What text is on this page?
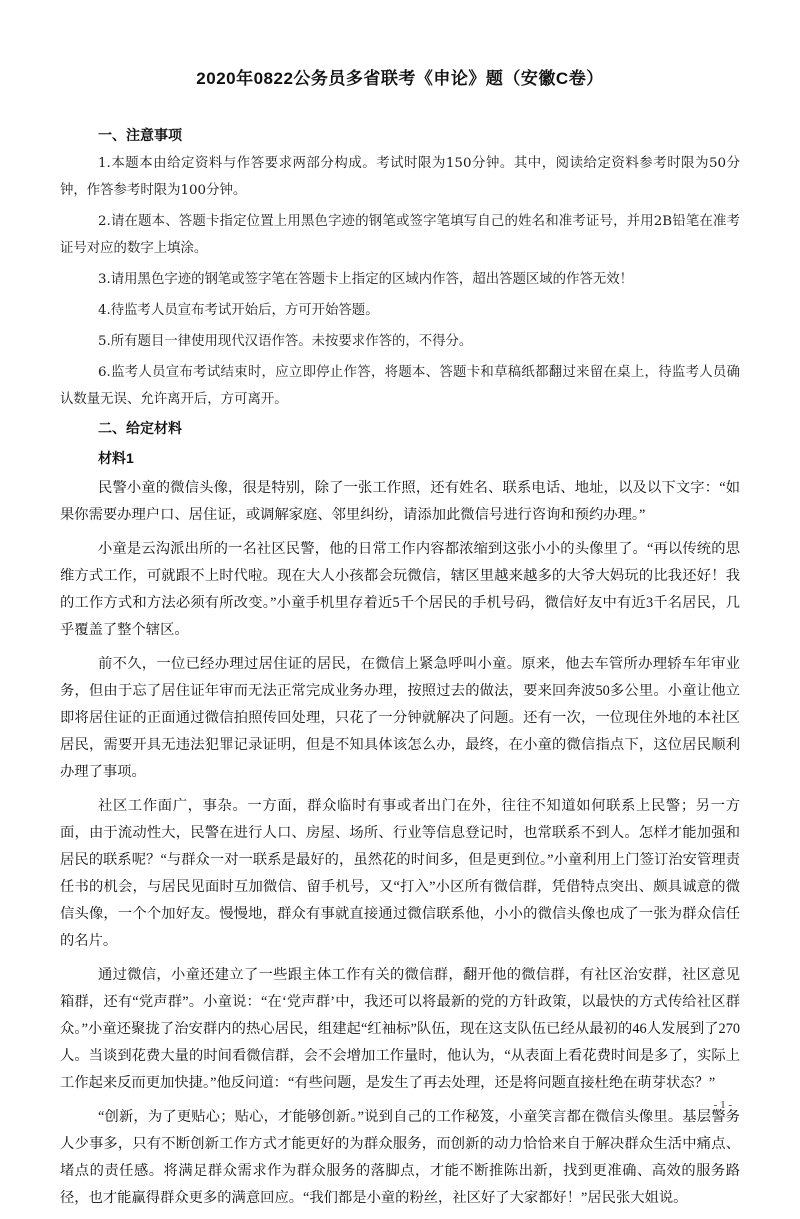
2020年0822公务员多省联考《申论》题（安徽C卷）
一、注意事项

1.本题本由给定资料与作答要求两部分构成。考试时限为150分钟。其中，阅读给定资料参考时限为50分钟，作答参考时限为100分钟。

2.请在题本、答题卡指定位置上用黑色字迹的钢笔或签字笔填写自己的姓名和准考证号，并用2B铅笔在准考证号对应的数字上填涂。

3.请用黑色字迹的钢笔或签字笔在答题卡上指定的区域内作答，超出答题区域的作答无效！

4.待监考人员宣布考试开始后，方可开始答题。

5.所有题目一律使用现代汉语作答。未按要求作答的，不得分。

6.监考人员宣布考试结束时，应立即停止作答，将题本、答题卡和草稿纸都翻过来留在桌上，待监考人员确认数量无误、允许离开后，方可离开。

二、给定材料
材料1

民警小童的微信头像，很是特别，除了一张工作照，还有姓名、联系电话、地址，以及以下文字：“如果你需要办理户口、居住证，或调解家庭、邻里纠纷，请添加此微信号进行咨询和预约办理。”

小童是云沟派出所的一名社区民警，他的日常工作内容都浓缩到这张小小的头像里了。“再以传统的思维方式工作，可就跟不上时代啦。现在大人小孩都会玩微信，辖区里越来越多的大爷大妈玩的比我还好！我的工作方式和方法必须有所改变。”小童手机里存着近5千个居民的手机号码，微信好友中有近3千名居民，几乎覆盖了整个辖区。

前不久，一位已经办理过居住证的居民，在微信上紧急呼叫小童。原来，他去车管所办理轿车年审业务，但由于忘了居住证年审而无法正常完成业务办理，按照过去的做法，要来回奔波50多公里。小童让他立即将居住证的正面通过微信拍照传回处理，只花了一分钟就解决了问题。还有一次，一位现住外地的本社区居民，需要开具无违法犯罪记录证明，但是不知具体该怎么办，最终，在小童的微信指点下，这位居民顺利办理了事项。

社区工作面广，事杂。一方面，群众临时有事或者出门在外，往往不知道如何联系上民警；另一方面，由于流动性大，民警在进行人口、房屋、场所、行业等信息登记时，也常联系不到人。怎样才能加强和居民的联系呢？“与群众一对一联系是最好的，虽然花的时间多，但是更到位。”小童利用上门签订治安管理责任书的机会，与居民见面时互加微信、留手机号，又“打入”小区所有微信群，凭借特点突出、颇具诚意的微信头像，一个个加好友。慢慢地，群众有事就直接通过微信联系他，小小的微信头像也成了一张为群众信任的名片。

通过微信，小童还建立了一些跟主体工作有关的微信群，翻开他的微信群，有社区治安群，社区意见箱群，还有“党声群”。小童说：“在‘党声群’中，我还可以将最新的党的方针政策，以最快的方式传给社区群众。”小童还聚拢了治安群内的热心居民，组建起“红袖标”队伍，现在这支队伍已经从最初的46人发展到了270人。当谈到花费大量的时间看微信群，会不会增加工作量时，他认为，“从表面上看花费时间是多了，实际上工作起来反而更加快捷。”他反问道：“有些问题，是发生了再去处理，还是将问题直接杜绝在萌芽状态？”

“创新，为了更贴心；贴心，才能够创新。”说到自己的工作秘笈，小童笑言都在微信头像里。基层警务人少事多，只有不断创新工作方式才能更好的为群众服务，而创新的动力恰恰来自于解决群众生活中痛点、堵点的责任感。将满足群众需求作为群众服务的落脚点，才能不断推陈出新，找到更准确、高效的服务路径，也才能赢得群众更多的满意回应。“我们都是小童的粉丝，社区好了大家都好！”居民张大姐说。

- 1 -
